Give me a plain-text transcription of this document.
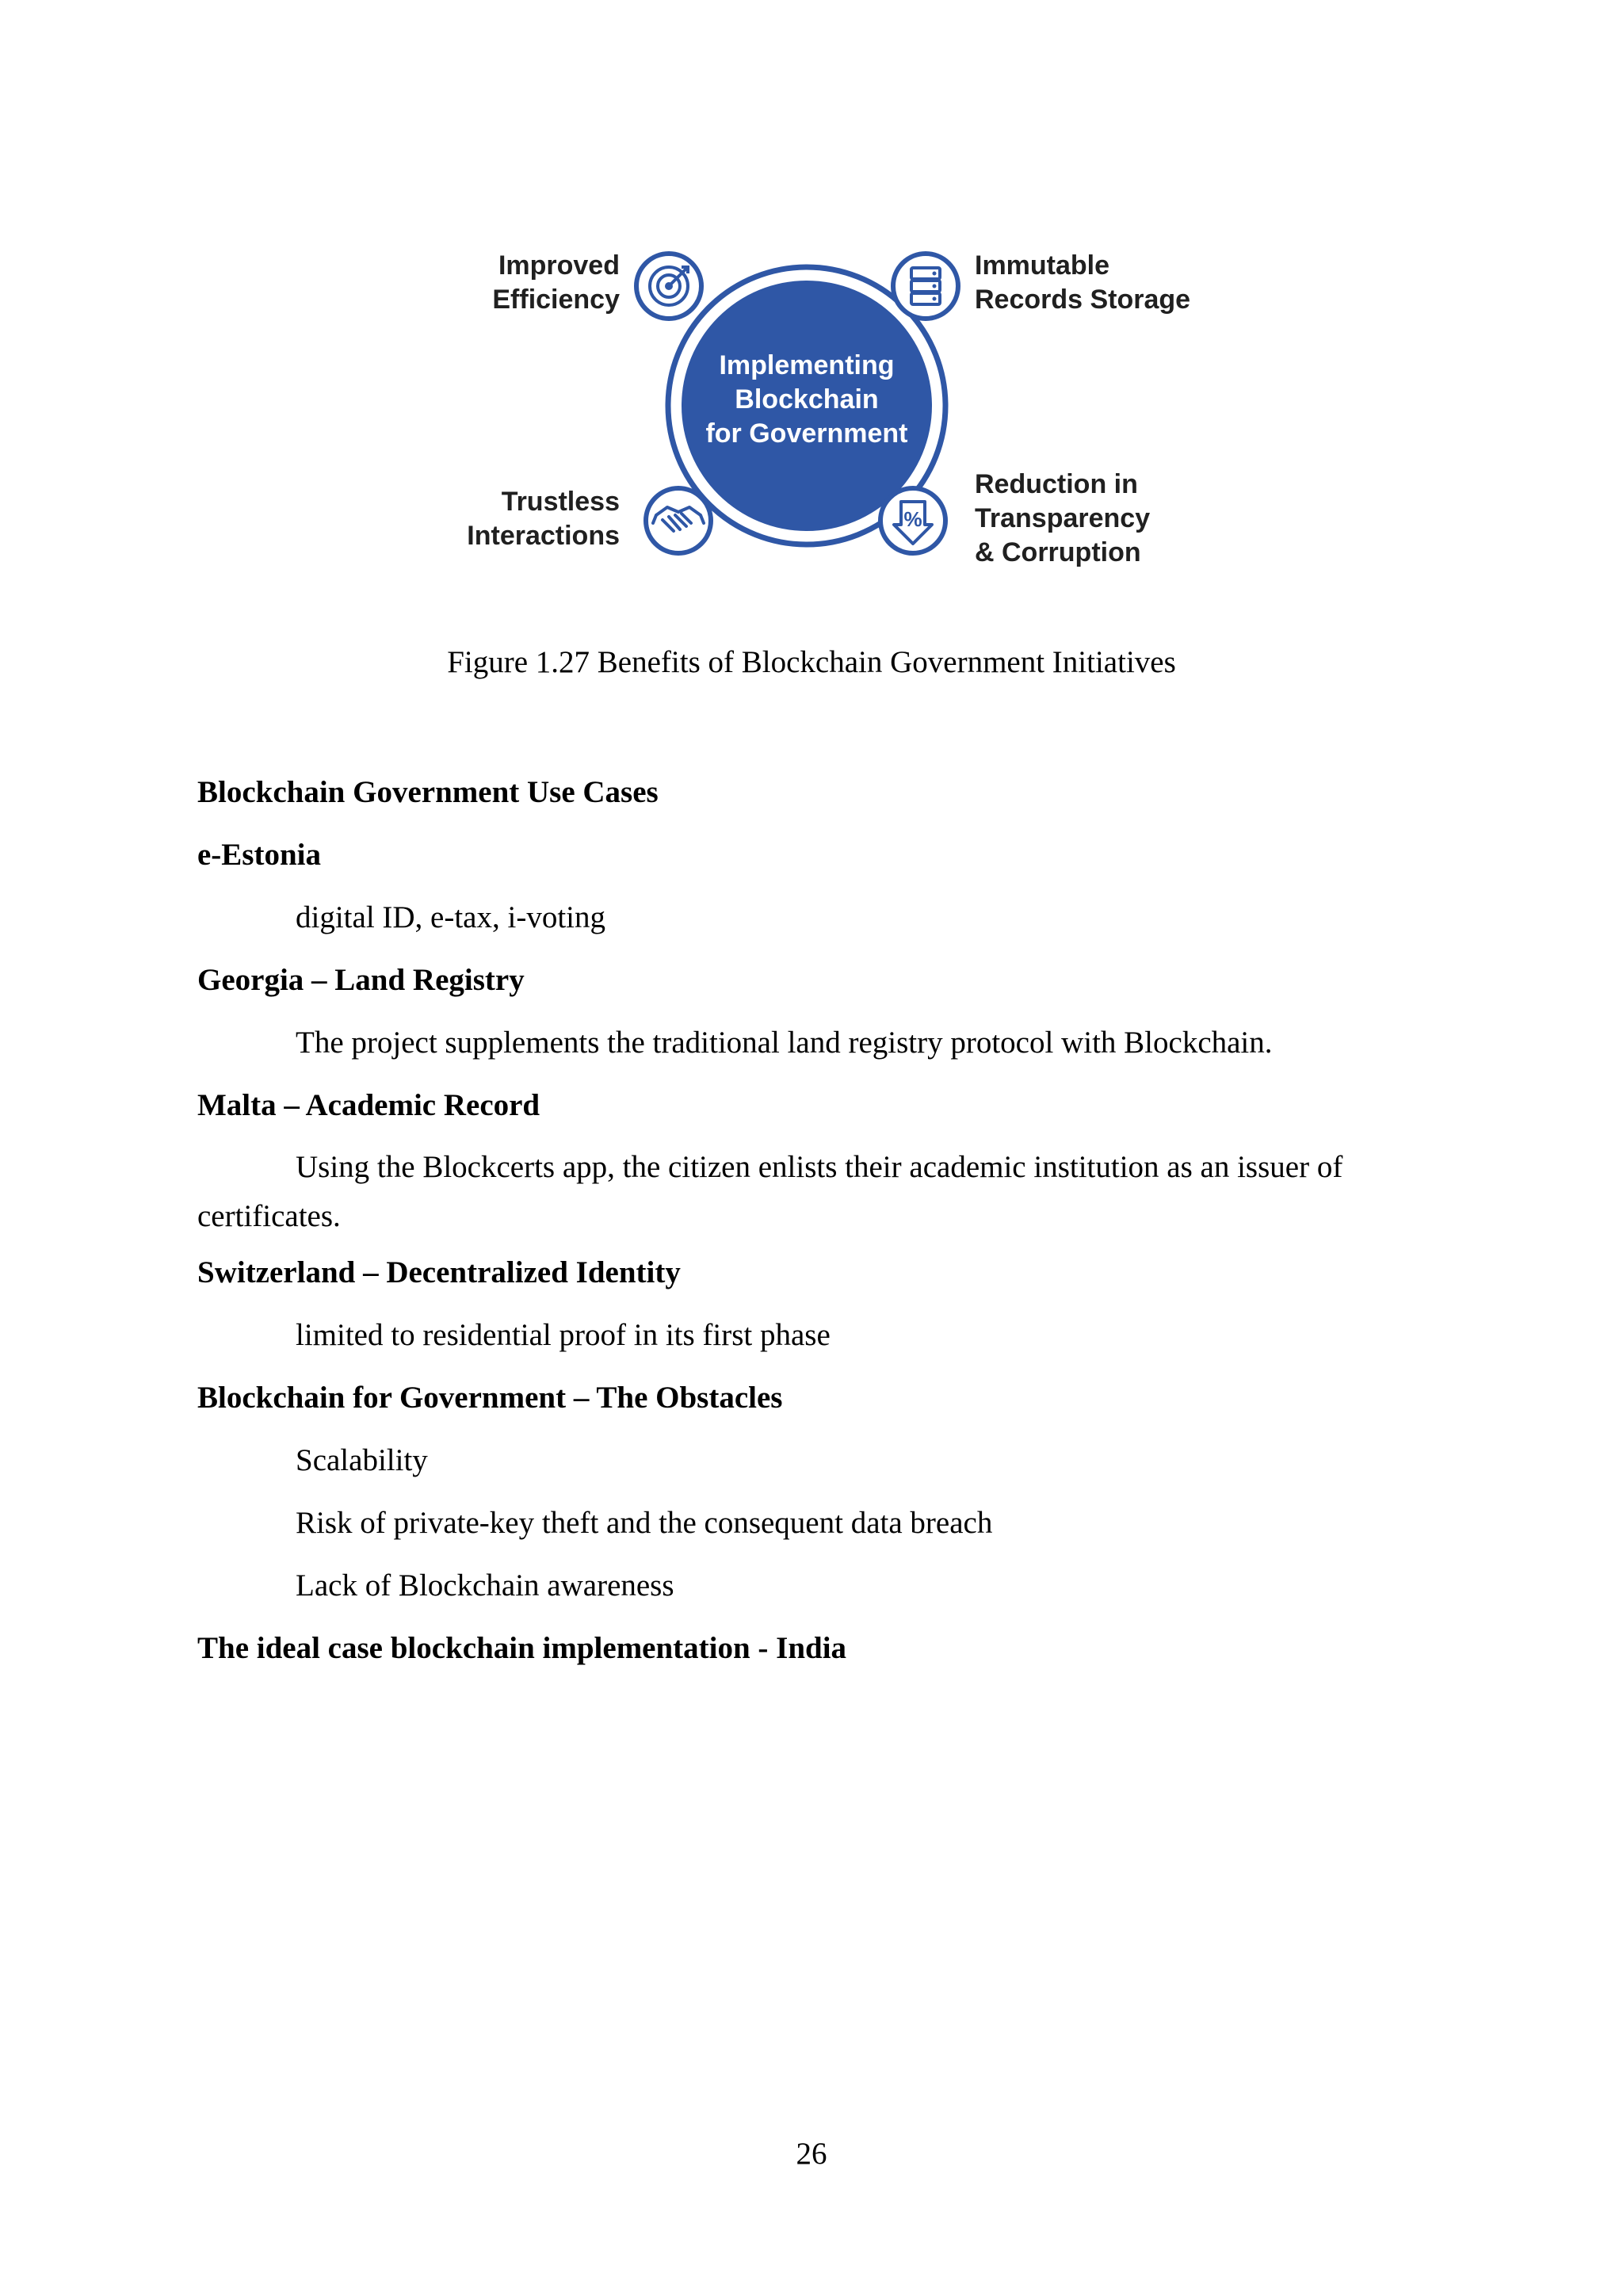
%
Implementing
Blockchain
for Government
Improved
Efficiency
Immutable
Records Storage
Trustless
Interactions
Reduction in
Transparency
& Corruption
Figure 1.27 Benefits of Blockchain Government Initiatives
Blockchain Government Use Cases
e-Estonia
digital ID, e-tax, i-voting
Georgia – Land Registry
The project supplements the traditional land registry protocol with Blockchain.
Malta – Academic Record
Using the Blockcerts app, the citizen enlists their academic institution as an issuer of certificates.
Switzerland – Decentralized Identity
limited to residential proof in its first phase
Blockchain for Government – The Obstacles
Scalability
Risk of private-key theft and the consequent data breach
Lack of Blockchain awareness
The ideal case blockchain implementation - India
26
